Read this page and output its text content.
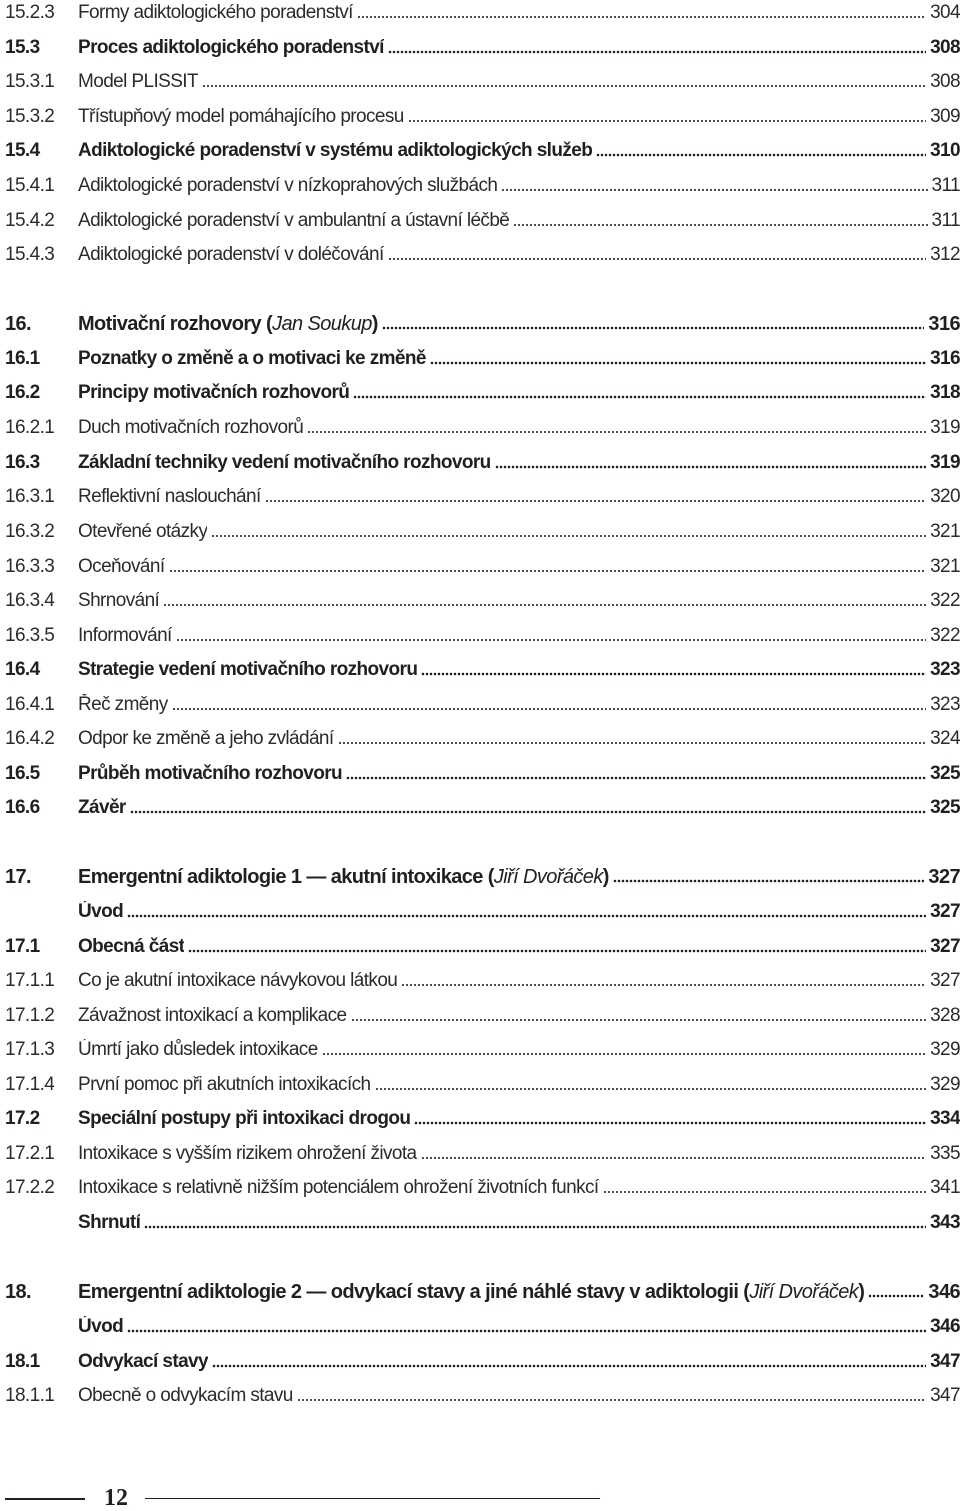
15.2.3	Formy adiktologického poradenství	304
15.3	Proces adiktologického poradenství	308
15.3.1	Model PLISSIT	308
15.3.2	Třístupňový model pomáhajícího procesu	309
15.4	Adiktologické poradenství v systému adiktologických služeb	310
15.4.1	Adiktologické poradenství v nízkoprahových službách	311
15.4.2	Adiktologické poradenství v ambulantní a ústavní léčbě	311
15.4.3	Adiktologické poradenství v doléčování	312
16.	Motivační rozhovory (Jan Soukup)	316
16.1	Poznatky o změně a o motivaci ke změně	316
16.2	Principy motivačních rozhovorů	318
16.2.1	Duch motivačních rozhovorů	319
16.3	Základní techniky vedení motivačního rozhovoru	319
16.3.1	Reflektivní naslouchání	320
16.3.2	Otevřené otázky	321
16.3.3	Oceňování	321
16.3.4	Shrnování	322
16.3.5	Informování	322
16.4	Strategie vedení motivačního rozhovoru	323
16.4.1	Řeč změny	323
16.4.2	Odpor ke změně a jeho zvládání	324
16.5	Průběh motivačního rozhovoru	325
16.6	Závěr	325
17.	Emergentní adiktologie 1 — akutní intoxikace (Jiří Dvořáček)	327
Úvod	327
17.1	Obecná část	327
17.1.1	Co je akutní intoxikace návykovou látkou	327
17.1.2	Závažnost intoxikací a komplikace	328
17.1.3	Úmrtí jako důsledek intoxikace	329
17.1.4	První pomoc při akutních intoxikacích	329
17.2	Speciální postupy při intoxikaci drogou	334
17.2.1	Intoxikace s vyšším rizikem ohrožení života	335
17.2.2	Intoxikace s relativně nižším potenciálem ohrožení životních funkcí	341
Shrnutí	343
18.	Emergentní adiktologie 2 — odvykací stavy a jiné náhlé stavy v adiktologii (Jiří Dvořáček)	346
Úvod	346
18.1	Odvykací stavy	347
18.1.1	Obecně o odvykacím stavu	347
12
